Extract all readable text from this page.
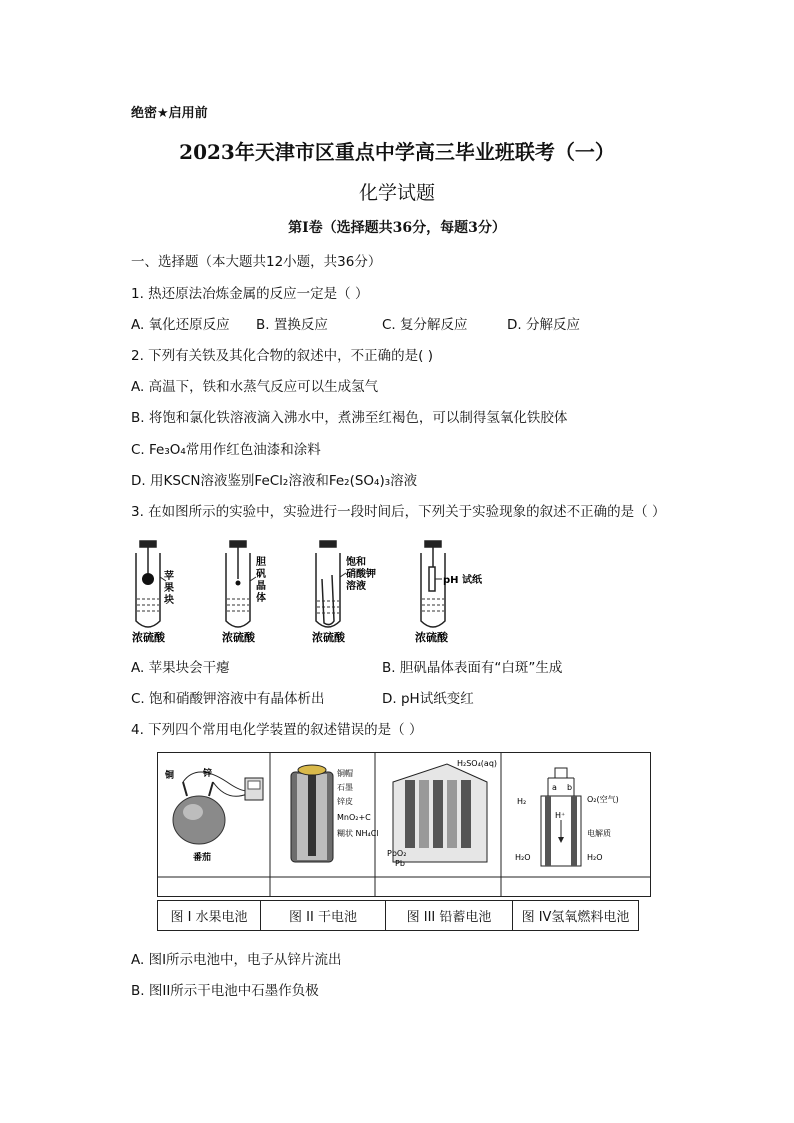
绝密★启用前
2023年天津市区重点中学高三毕业班联考（一）
化学试题
第Ⅰ卷（选择题共36分，每题3分）
一、选择题（本大题共12小题，共36分）
1. 热还原法冶炼金属的反应一定是（ ）
A. 氧化还原反应 B. 置换反应	C. 复分解反应	D. 分解反应
2. 下列有关铁及其化合物的叙述中，不正确的是( )
A. 高温下，铁和水蒸气反应可以生成氢气
B. 将饱和氯化铁溶液滴入沸水中，煮沸至红褐色，可以制得氢氧化铁胶体
C. Fe₃O₄常用作红色油漆和涂料
D. 用KSCN溶液鉴别FeCl₂溶液和Fe₂(SO₄)₃溶液
3. 在如图所示的实验中，实验进行一段时间后，下列关于实验现象的叙述不正确的是（ ）
苹果块
胆矾晶体
饱和硝酸钾溶液
pH 试纸
浓硫酸	浓硫酸	浓硫酸	浓硫酸
A. 苹果块会干瘪	B. 胆矾晶体表面有“白斑”生成
C. 饱和硝酸钾溶液中有晶体析出	D. pH试纸变红
4. 下列四个常用电化学装置的叙述错误的是（ ）
铜	锌
番茄
铜帽
石墨
锌皮
MnO₂+C
糊状 NH₄Cl
H₂SO₄(aq)
PbO₂
Pb
a b
H₂	O₂(空气)
H⁺
电解质
H₂O	H₂O
图 I 水果电池	图 II 干电池	图 III 铅蓄电池	图 IV氢氧燃料电池
A. 图I所示电池中，电子从锌片流出
B. 图II所示干电池中石墨作负极
